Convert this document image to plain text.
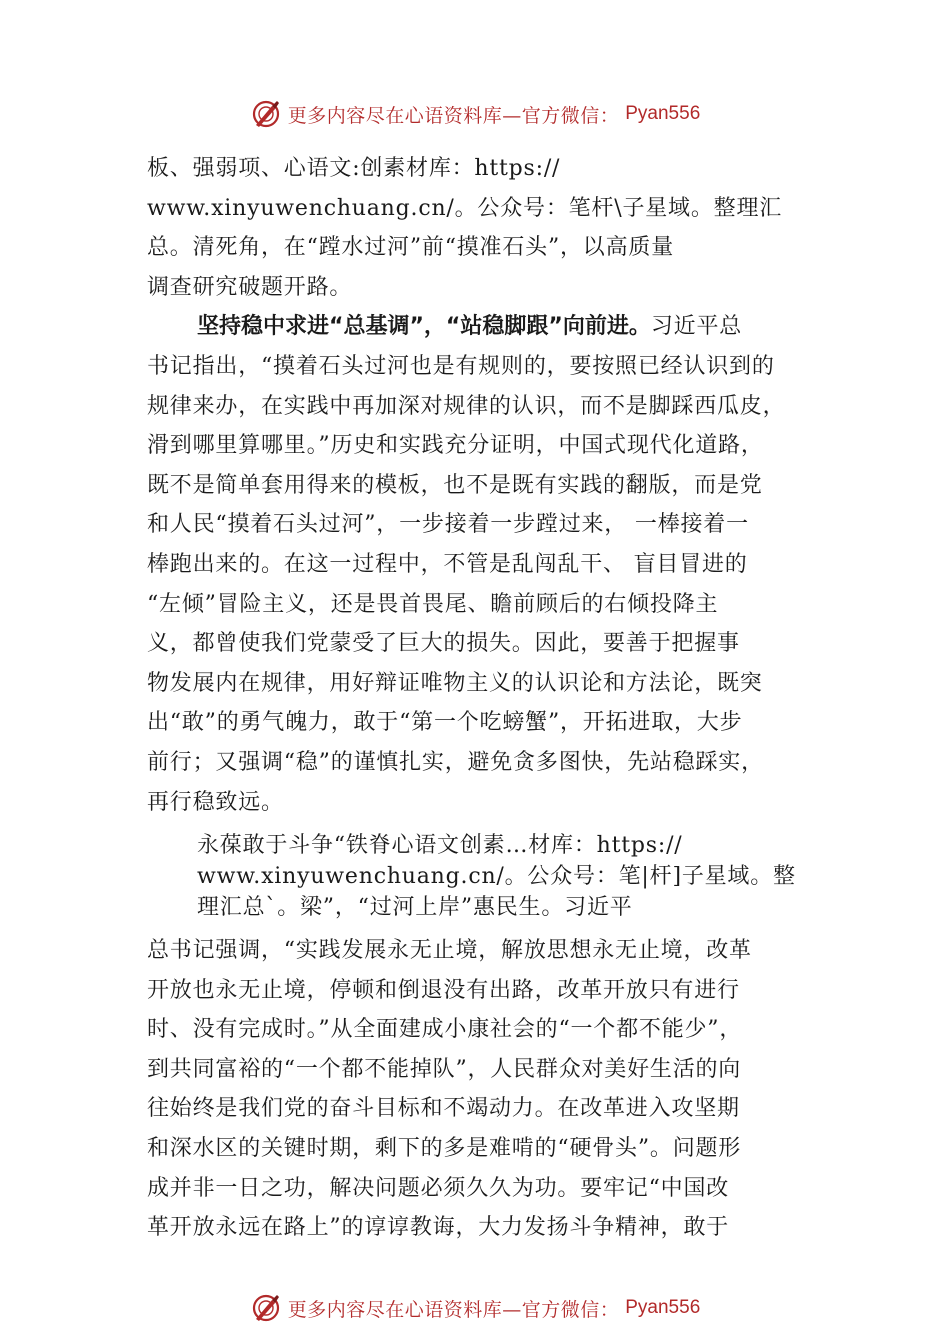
更多内容尽在心语资料库—官方微信： Pyan556
板、强弱项、心语文:创素材库：https://
www.xinyuwenchuang.cn/。公众号：笔杆\子星域。整理汇
总。清死角，在“蹚水过河”前“摸准石头”，以高质量
调查研究破题开路。
坚持稳中求进“总基调”，“站稳脚跟”向前进。习近平总
书记指出，“摸着石头过河也是有规则的，要按照已经认识到的
规律来办，在实践中再加深对规律的认识，而不是脚踩西瓜皮，
滑到哪里算哪里。”历史和实践充分证明，中国式现代化道路，
既不是简单套用得来的模板，也不是既有实践的翻版，而是党
和人民“摸着石头过河”，一步接着一步蹚过来， 一棒接着一
棒跑出来的。在这一过程中，不管是乱闯乱干、 盲目冒进的
“左倾”冒险主义，还是畏首畏尾、瞻前顾后的右倾投降主
义，都曾使我们党蒙受了巨大的损失。因此，要善于把握事
物发展内在规律，用好辩证唯物主义的认识论和方法论，既突
出“敢”的勇气魄力，敢于“第一个吃螃蟹”，开拓进取，大步
前行；又强调“稳”的谨慎扎实，避免贪多图快，先站稳踩实，
再行稳致远。
永葆敢于斗争“铁脊心语文创素…材库：https://
www.xinyuwenchuang.cn/。公众号：笔|杆]子星域。整
理汇总`。梁”，“过河上岸”惠民生。习近平
总书记强调，“实践发展永无止境，解放思想永无止境，改革
开放也永无止境，停顿和倒退没有出路，改革开放只有进行
时、没有完成时。”从全面建成小康社会的“一个都不能少”，
到共同富裕的“一个都不能掉队”，人民群众对美好生活的向
往始终是我们党的奋斗目标和不竭动力。在改革进入攻坚期
和深水区的关键时期，剩下的多是难啃的“硬骨头”。问题形
成并非一日之功，解决问题必须久久为功。要牢记“中国改
革开放永远在路上”的谆谆教诲，大力发扬斗争精神，敢于
更多内容尽在心语资料库—官方微信： Pyan556
